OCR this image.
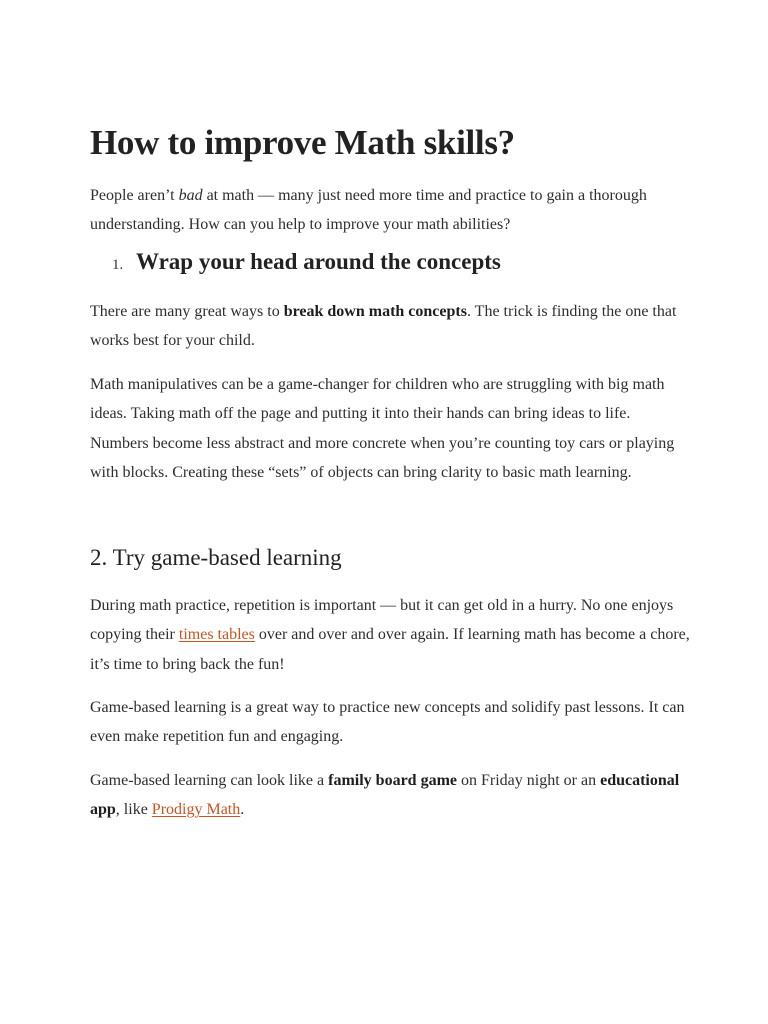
How to improve Math skills?

People aren’t bad at math — many just need more time and practice to gain a thorough understanding. How can you help to improve your math abilities?

1. Wrap your head around the concepts

There are many great ways to break down math concepts. The trick is finding the one that works best for your child.

Math manipulatives can be a game-changer for children who are struggling with big math ideas. Taking math off the page and putting it into their hands can bring ideas to life. Numbers become less abstract and more concrete when you’re counting toy cars or playing with blocks. Creating these “sets” of objects can bring clarity to basic math learning.

2. Try game-based learning

During math practice, repetition is important — but it can get old in a hurry. No one enjoys copying their times tables over and over and over again. If learning math has become a chore, it’s time to bring back the fun!

Game-based learning is a great way to practice new concepts and solidify past lessons. It can even make repetition fun and engaging.

Game-based learning can look like a family board game on Friday night or an educational app, like Prodigy Math.
